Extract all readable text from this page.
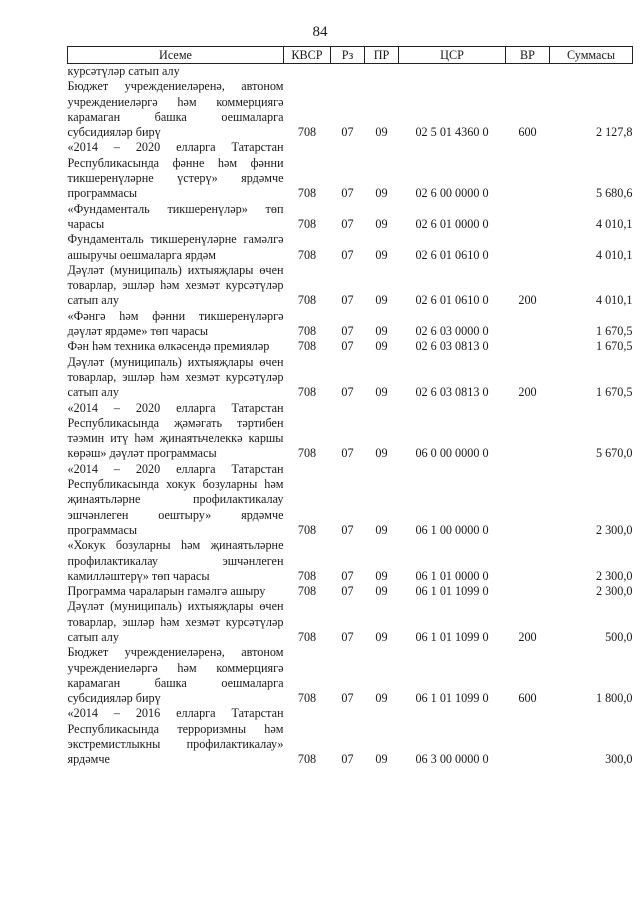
84
Исеме	КВСР	Рз	ПР	ЦСР	ВР	Суммасы
курсәтүләр сатып алу						
Бюджет учреждениеләренә, автоном учреждениеләргә һәм коммерциягә карамаган башка оешмаларга субсидияләр бирү	708	07	09	02 5 01 4360 0	600	2 127,8
«2014 – 2020 елларга Татарстан Республикасында фәнне һәм фәнни тикшеренүләрне үстерү» ярдәмче программасы	708	07	09	02 6 00 0000 0		5 680,6
«Фундаменталь тикшеренүләр» төп чарасы	708	07	09	02 6 01 0000 0		4 010,1
Фундаменталь тикшеренүләрне гамәлгә ашыручы оешмаларга ярдәм	708	07	09	02 6 01 0610 0		4 010,1
Дәүләт (муниципаль) ихтыяҗлары өчен товарлар, эшләр һәм хезмәт курсәтүләр сатып алу	708	07	09	02 6 01 0610 0	200	4 010,1
«Фәнгә һәм фәнни тикшеренүләргә дәүләт ярдәме» төп чарасы	708	07	09	02 6 03 0000 0		1 670,5
Фән һәм техника өлкәсендә премияләр	708	07	09	02 6 03 0813 0		1 670,5
Дәүләт (муниципаль) ихтыяҗлары өчен товарлар, эшләр һәм хезмәт курсәтүләр сатып алу	708	07	09	02 6 03 0813 0	200	1 670,5
«2014 – 2020 елларга Татарстан Республикасында җәмәгать тәртибен тәэмин итү һәм җинаятьчелеккә каршы көрәш» дәүләт программасы	708	07	09	06 0 00 0000 0		5 670,0
«2014 – 2020 елларга Татарстан Республикасында хокук бозуларны һәм җинаятьләрне профилактикалау эшчәнлеген оештыру» ярдәмче программасы	708	07	09	06 1 00 0000 0		2 300,0
«Хокук бозуларны һәм җинаятьләрне профилактикалау эшчәнлеген камилләштерү» төп чарасы	708	07	09	06 1 01 0000 0		2 300,0
Программа чараларын гамәлгә ашыру	708	07	09	06 1 01 1099 0		2 300,0
Дәүләт (муниципаль) ихтыяҗлары өчен товарлар, эшләр һәм хезмәт курсәтүләр сатып алу	708	07	09	06 1 01 1099 0	200	500,0
Бюджет учреждениеләренә, автоном учреждениеләргә һәм коммерциягә карамаган башка оешмаларга субсидияләр бирү	708	07	09	06 1 01 1099 0	600	1 800,0
«2014 – 2016 елларга Татарстан Республикасында терроризмны һәм экстремистлыкны профилактикалау» ярдәмче	708	07	09	06 3 00 0000 0		300,0
